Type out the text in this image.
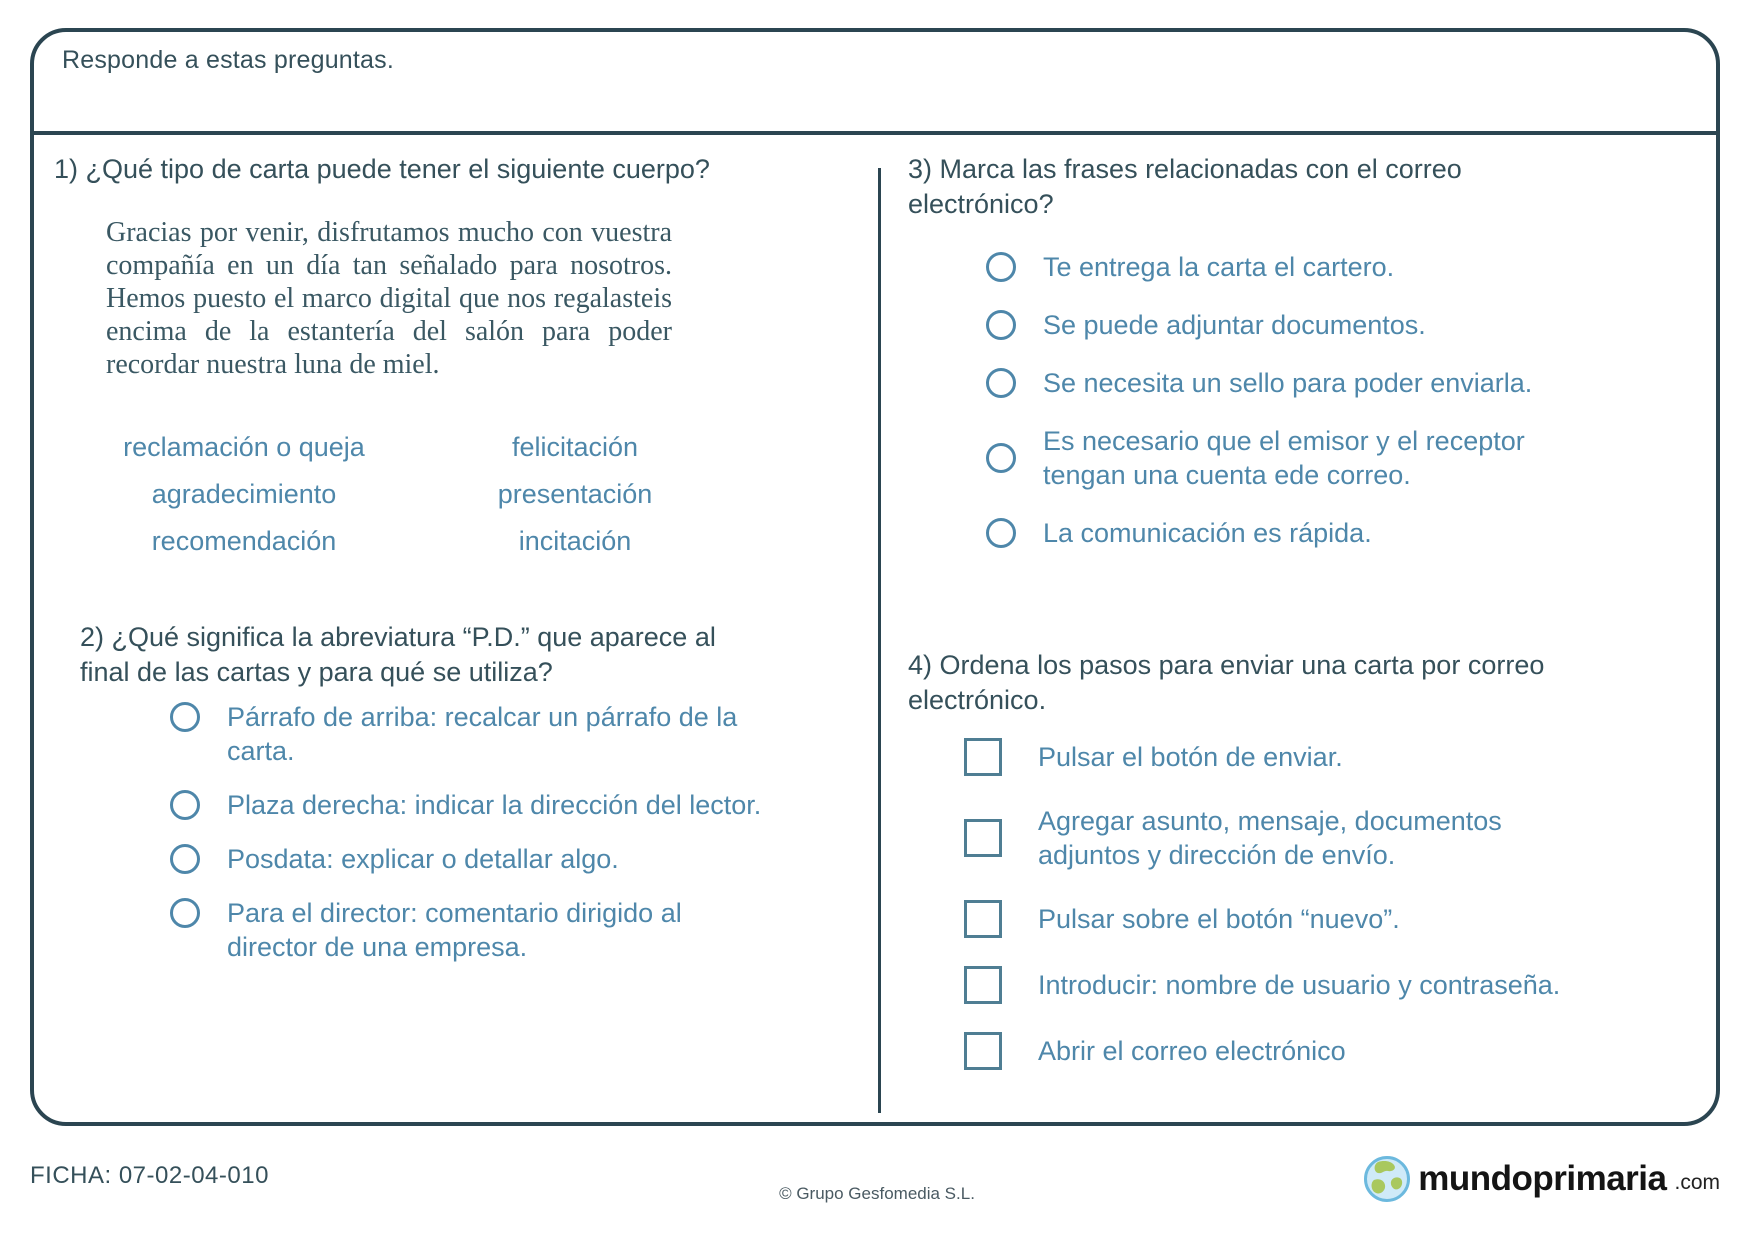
Responde a estas preguntas.
1) ¿Qué tipo de carta puede tener el siguiente cuerpo?
Gracias por venir, disfrutamos mucho con vuestra compañía en un día tan señalado para nosotros. Hemos puesto el marco digital que nos regalasteis encima de la estantería del salón para poder recordar nuestra luna de miel.
reclamación o queja	felicitación
agradecimiento	presentación
recomendación	incitación
2) ¿Qué significa la abreviatura “P.D.” que aparece al final de las cartas y para qué se utiliza?
Párrafo de arriba: recalcar un párrafo de la carta.
Plaza derecha: indicar la dirección del lector.
Posdata: explicar o detallar algo.
Para el director: comentario dirigido al director de una empresa.
3) Marca las frases relacionadas con el correo electrónico?
Te entrega la carta el cartero.
Se puede adjuntar documentos.
Se necesita un sello para poder enviarla.
Es necesario que el emisor y el receptor tengan una cuenta ede correo.
La comunicación es rápida.
4) Ordena los pasos para enviar una carta por correo electrónico.
Pulsar el botón de enviar.
Agregar asunto, mensaje, documentos adjuntos y dirección de envío.
Pulsar sobre el botón “nuevo”.
Introducir: nombre de usuario y contraseña.
Abrir el correo electrónico
FICHA: 07-02-04-010
© Grupo Gesfomedia S.L.	mundoprimaria .com
